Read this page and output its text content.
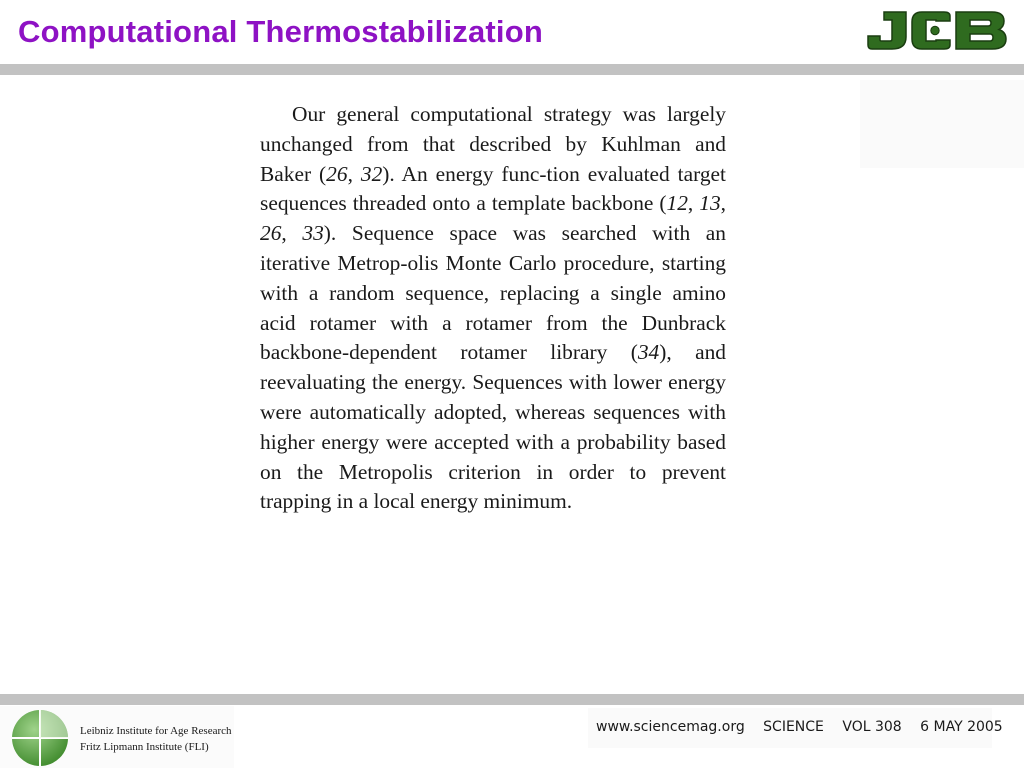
Computational Thermostabilization

Our general computational strategy was largely unchanged from that described by Kuhlman and Baker (26, 32). An energy func-tion evaluated target sequences threaded onto a template backbone (12, 13, 26, 33). Sequence space was searched with an iterative Metrop-olis Monte Carlo procedure, starting with a random sequence, replacing a single amino acid rotamer with a rotamer from the Dunbrack backbone-dependent rotamer library (34), and reevaluating the energy. Sequences with lower energy were automatically adopted, whereas sequences with higher energy were accepted with a probability based on the Metropolis criterion in order to prevent trapping in a local energy minimum.

Leibniz Institute for Age Research
Fritz Lipmann Institute (FLI)
www.sciencemag.org SCIENCE VOL 308 6 MAY 2005
